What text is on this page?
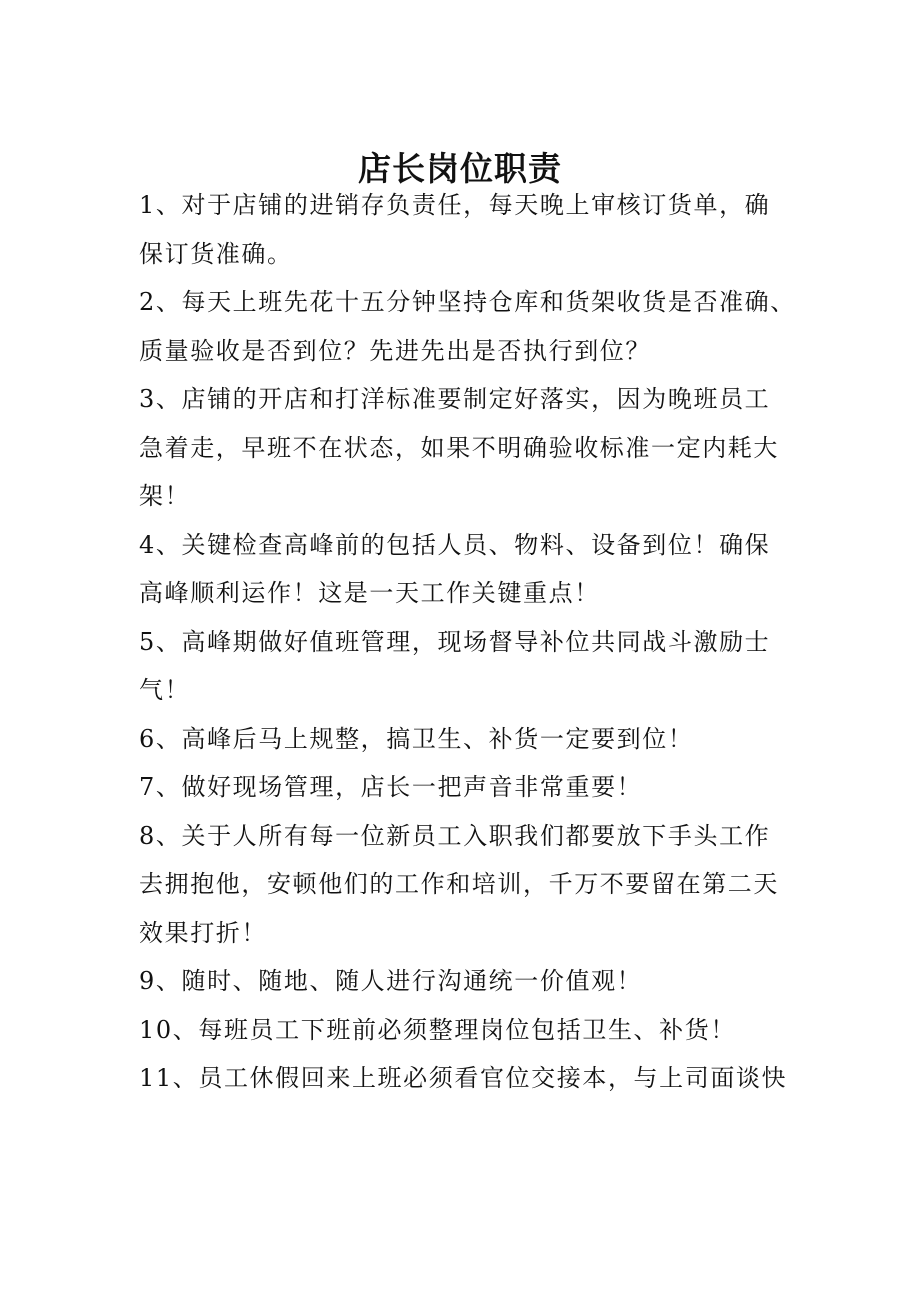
店长岗位职责
1、对于店铺的进销存负责任，每天晚上审核订货单，确
保订货准确。
2、每天上班先花十五分钟坚持仓库和货架收货是否准确、
质量验收是否到位？先进先出是否执行到位？
3、店铺的开店和打洋标准要制定好落实，因为晚班员工
急着走，早班不在状态，如果不明确验收标准一定内耗大
架！
4、关键检查高峰前的包括人员、物料、设备到位！确保
高峰顺利运作！这是一天工作关键重点！
5、高峰期做好值班管理，现场督导补位共同战斗激励士
气！
6、高峰后马上规整，搞卫生、补货一定要到位！
7、做好现场管理，店长一把声音非常重要！
8、关于人所有每一位新员工入职我们都要放下手头工作
去拥抱他，安顿他们的工作和培训，千万不要留在第二天
效果打折！
9、随时、随地、随人进行沟通统一价值观！
10、每班员工下班前必须整理岗位包括卫生、补货！
11、员工休假回来上班必须看官位交接本，与上司面谈快
